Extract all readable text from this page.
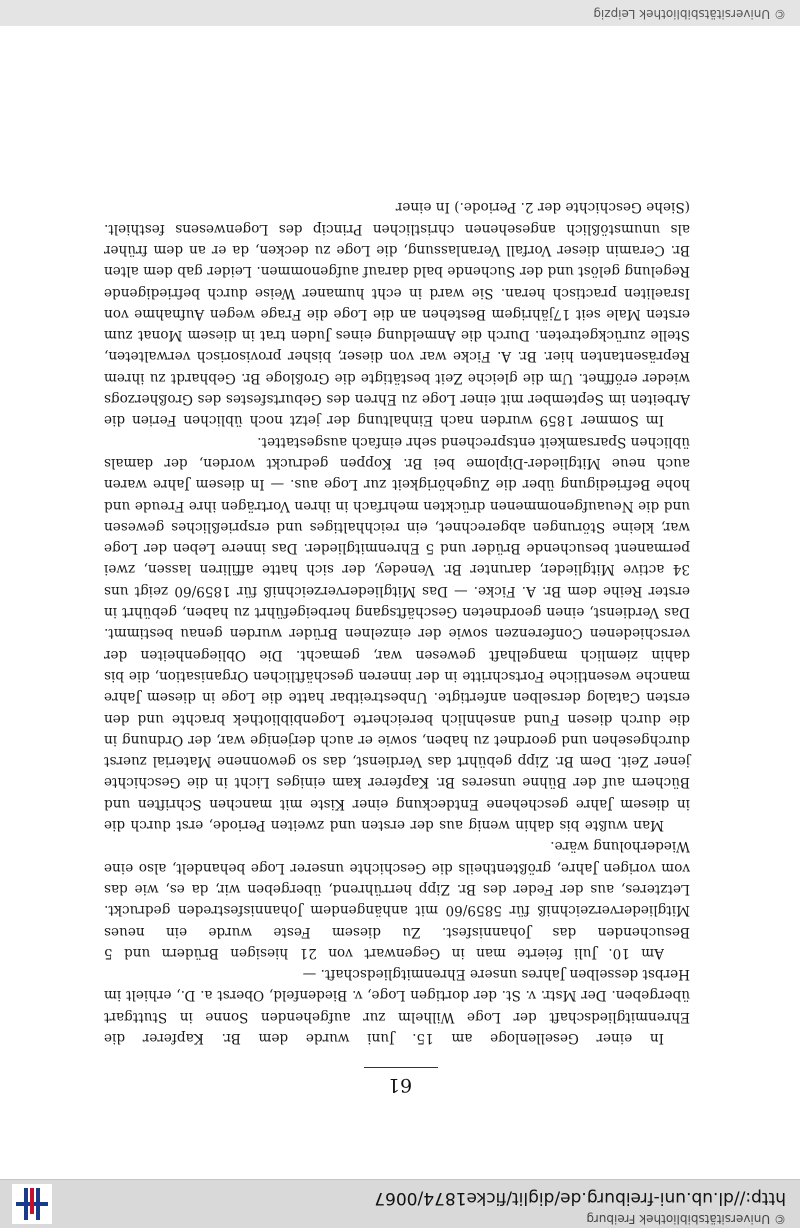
© Universitätsbibliothek Freiburg
http://dl.ub.uni-freiburg.de/diglit/ficke1874/0067
61

In einer Gesellenloge am 15. Juni wurde dem Br. Kapferer die Ehrenmitgliedschaft der Loge Wilhelm zur aufgehenden Sonne in Stuttgart übergeben. Der Mstr. v. St. der dortigen Loge, v. Biedenfeld, Oberst a. D., erhielt im Herbst desselben Jahres unsere Ehrenmitgliedschaft. —

Am 10. Juli feierte man in Gegenwart von 21 hiesigen Brüdern und 5 Besuchenden das Johannisfest. Zu diesem Feste wurde ein neues Mitgliederverzeichniß für 5859/60 mit anhängendem Johannisfestreden gedruckt. Letzteres, aus der Feder des Br. Zipp herrührend, übergeben wir, da es, wie das vom vorigen Jahre, größtentheils die Geschichte unserer Loge behandelt, also eine Wiederholung wäre.

Man wußte bis dahin wenig aus der ersten und zweiten Periode, erst durch die in diesem Jahre geschehene Entdeckung einer Kiste mit manchen Schriften und Büchern auf der Bühne unseres Br. Kapferer kam einiges Licht in die Geschichte jener Zeit. Dem Br. Zipp gebührt das Verdienst, das so gewonnene Material zuerst durchgesehen und geordnet zu haben, sowie er auch derjenige war, der Ordnung in die durch diesen Fund ansehnlich bereicherte Logenbibliothek brachte und den ersten Catalog derselben anfertigte. Unbestreitbar hatte die Loge in diesem Jahre manche wesentliche Fortschritte in der inneren geschäftlichen Organisation, die bis dahin ziemlich mangelhaft gewesen war, gemacht. Die Obliegenheiten der verschiedenen Conferenzen sowie der einzelnen Brüder wurden genau bestimmt. Das Verdienst, einen geordneten Geschäftsgang herbeigeführt zu haben, gebührt in erster Reihe dem Br. A. Ficke. — Das Mitgliederverzeichniß für 1859/60 zeigt uns 34 active Mitglieder, darunter Br. Venedey, der sich hatte affiliren lassen, zwei permanent besuchende Brüder und 5 Ehrenmitglieder. Das innere Leben der Loge war, kleine Störungen abgerechnet, ein reichhaltiges und ersprießliches gewesen und die Neuaufgenommenen drückten mehrfach in ihren Vorträgen ihre Freude und hohe Befriedigung über die Zugehörigkeit zur Loge aus. — In diesem Jahre waren auch neue Mitglieder-Diplome bei Br. Koppen gedruckt worden, der damals üblichen Sparsamkeit entsprechend sehr einfach ausgestattet.

Im Sommer 1859 wurden nach Einhaltung der jetzt noch üblichen Ferien die Arbeiten im September mit einer Loge zu Ehren des Geburtsfestes des Großherzogs wieder eröffnet. Um die gleiche Zeit bestätigte die Großloge Br. Gebhardt zu ihrem Repräsentanten hier. Br. A. Ficke war von dieser, bisher provisorisch verwalteten, Stelle zurückgetreten. Durch die Anmeldung eines Juden trat in diesem Monat zum ersten Male seit 17jährigem Bestehen an die Loge die Frage wegen Aufnahme von Israeliten practisch heran. Sie ward in echt humaner Weise durch befriedigende Regelung gelöst und der Suchende bald darauf aufgenommen. Leider gab dem alten Br. Ceramin dieser Vorfall Veranlassung, die Loge zu decken, da er an dem früher als unumstößlich angesehenen christlichen Princip des Logenwesens festhielt. (Siehe Geschichte der 2. Periode.) In einer

© Universitätsbibliothek Leipzig
